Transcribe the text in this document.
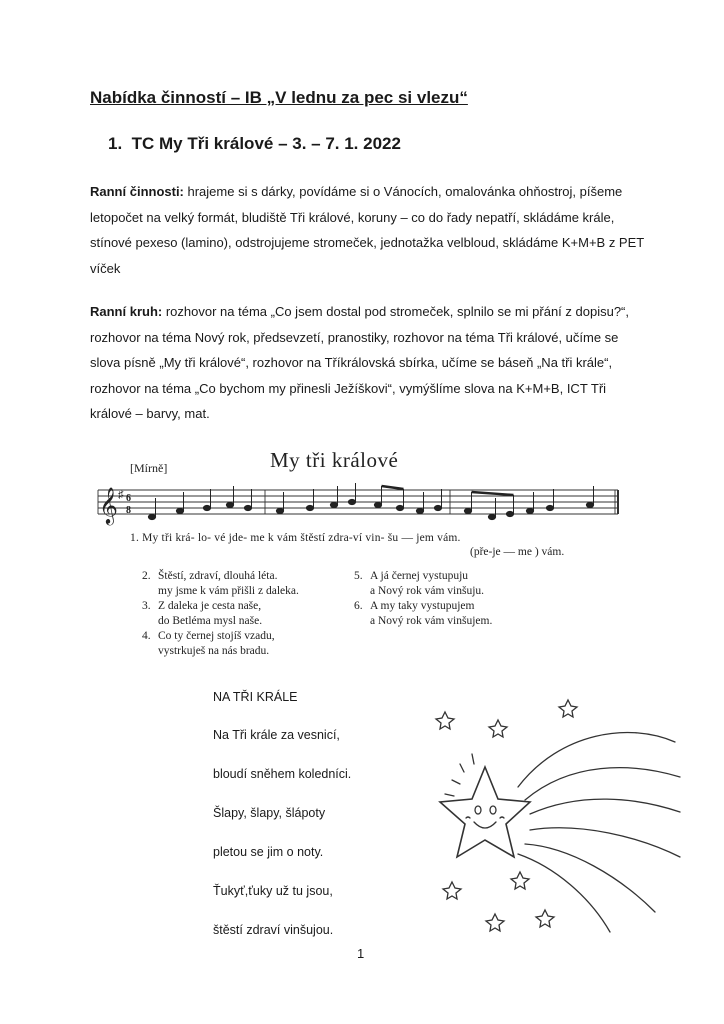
Nabídka činností – IB „V lednu za pec si vlezu“
1. TC My Tři králové – 3. – 7. 1. 2022

Ranní činnosti: hrajeme si s dárky, povídáme si o Vánocích, omalovánka ohňostroj, píšeme letopočet na velký formát, bludiště Tři králové, koruny – co do řady nepatří, skládáme krále, stínové pexeso (lamino), odstrojujeme stromeček, jednotažka velbloud, skládáme K+M+B z PET víček

Ranní kruh: rozhovor na téma „Co jsem dostal pod stromeček, splnilo se mi přání z dopisu?“, rozhovor na téma Nový rok, předsevzetí, pranostiky, rozhovor na téma Tři králové, učíme se slova písně „My tři králové“, rozhovor na Tříkrálovská sbírka, učíme se báseň „Na tři krále“, rozhovor na téma „Co bychom my přinesli Ježíškovi“, vymýšlíme slova na K+M+B, ICT Tři králové – barvy, mat.

My tři králové
[Mírně]
𝄞 ♯ 6
8
1. My tři krá- lo- vé jde- me k vám štěstí zdra-ví vin- šu — jem vám.
(pře-je — me ) vám.
2. Štěstí, zdraví, dlouhá léta.
my jsme k vám přišli z daleka.
3. Z daleka je cesta naše,
do Betléma mysl naše.
4. Co ty černej stojíš vzadu,
vystrkuješ na nás bradu.
5. A já černej vystupuju
a Nový rok vám vinšuju.
6. A my taky vystupujem
a Nový rok vám vinšujem.
NA TŘI KRÁLE
Na Tři krále za vesnicí,
bloudí sněhem koledníci.
Šlapy, šlapy, šlápoty
pletou se jim o noty.
Ťukyť,ťuky už tu jsou,
štěstí zdraví vinšujou.
1
